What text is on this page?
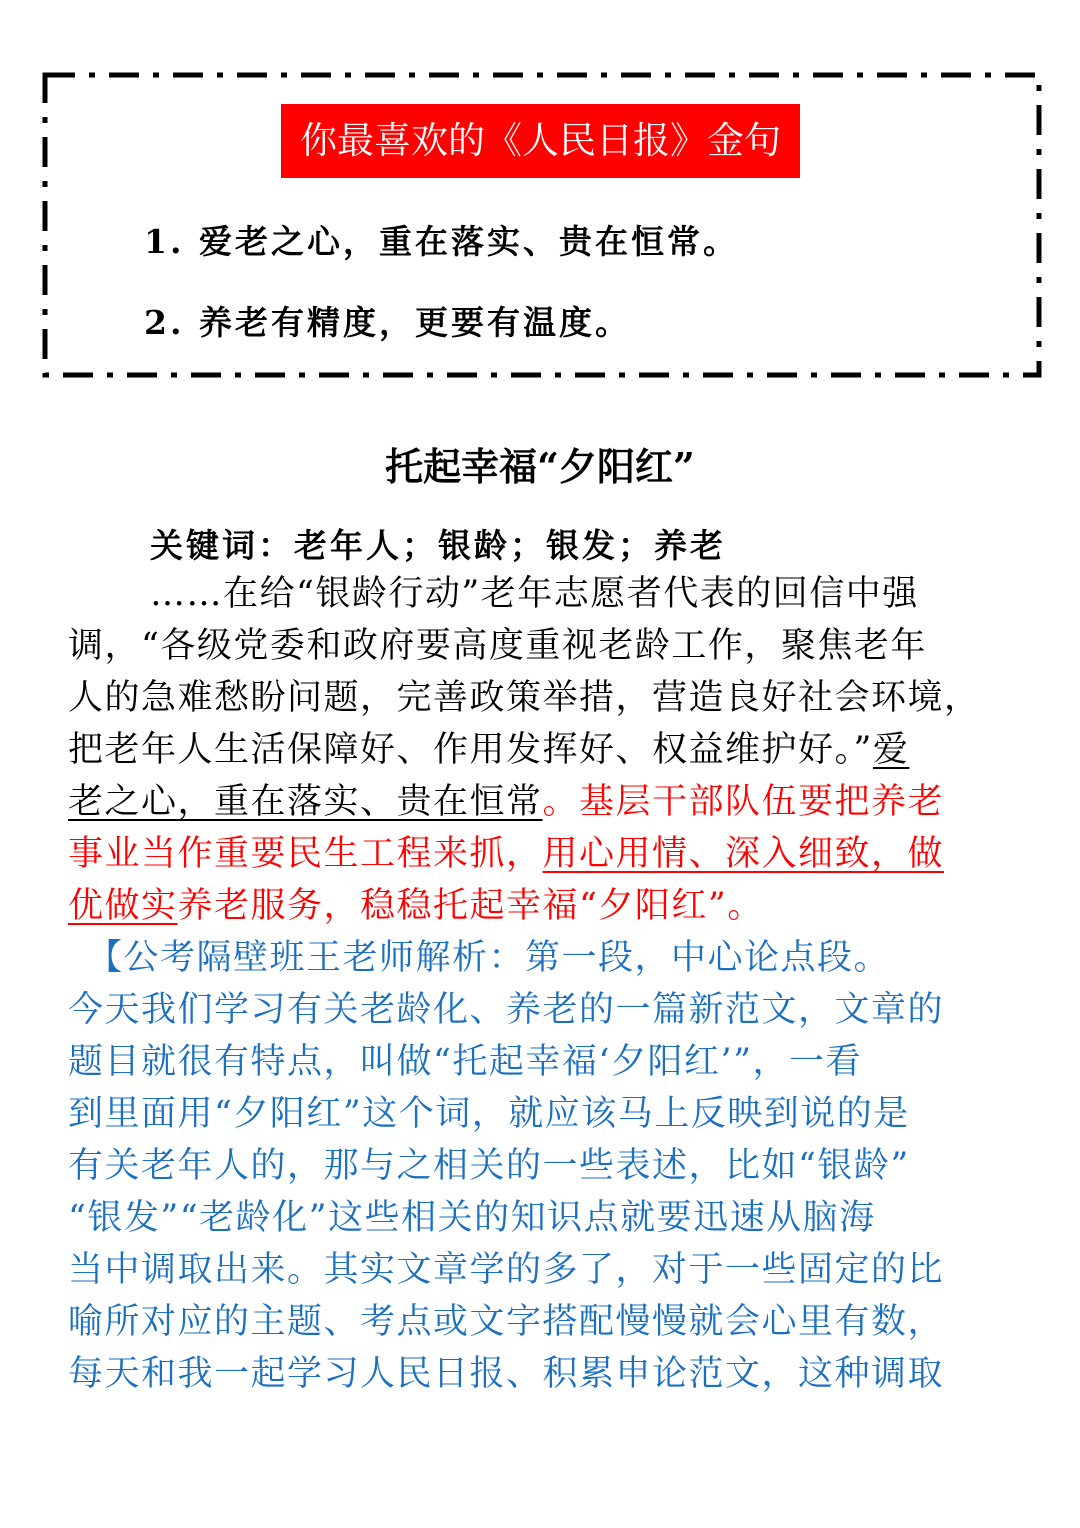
你最喜欢的《人民日报》金句
1. 爱老之心，重在落实、贵在恒常。
2. 养老有精度，更要有温度。
托起幸福“夕阳红”
关键词：老年人；银龄；银发；养老
……在给“银龄行动”老年志愿者代表的回信中强
调，“各级党委和政府要高度重视老龄工作，聚焦老年
人的急难愁盼问题，完善政策举措，营造良好社会环境，
把老年人生活保障好、作用发挥好、权益维护好。”爱
老之心，重在落实、贵在恒常。基层干部队伍要把养老
事业当作重要民生工程来抓，用心用情、深入细致，做
优做实养老服务，稳稳托起幸福“夕阳红”。
　【公考隔壁班王老师解析：第一段，中心论点段。
今天我们学习有关老龄化、养老的一篇新范文，文章的
题目就很有特点，叫做“托起幸福‘夕阳红’”，一看
到里面用“夕阳红”这个词，就应该马上反映到说的是
有关老年人的，那与之相关的一些表述，比如“银龄”
“银发”“老龄化”这些相关的知识点就要迅速从脑海
当中调取出来。其实文章学的多了，对于一些固定的比
喻所对应的主题、考点或文字搭配慢慢就会心里有数，
每天和我一起学习人民日报、积累申论范文，这种调取
